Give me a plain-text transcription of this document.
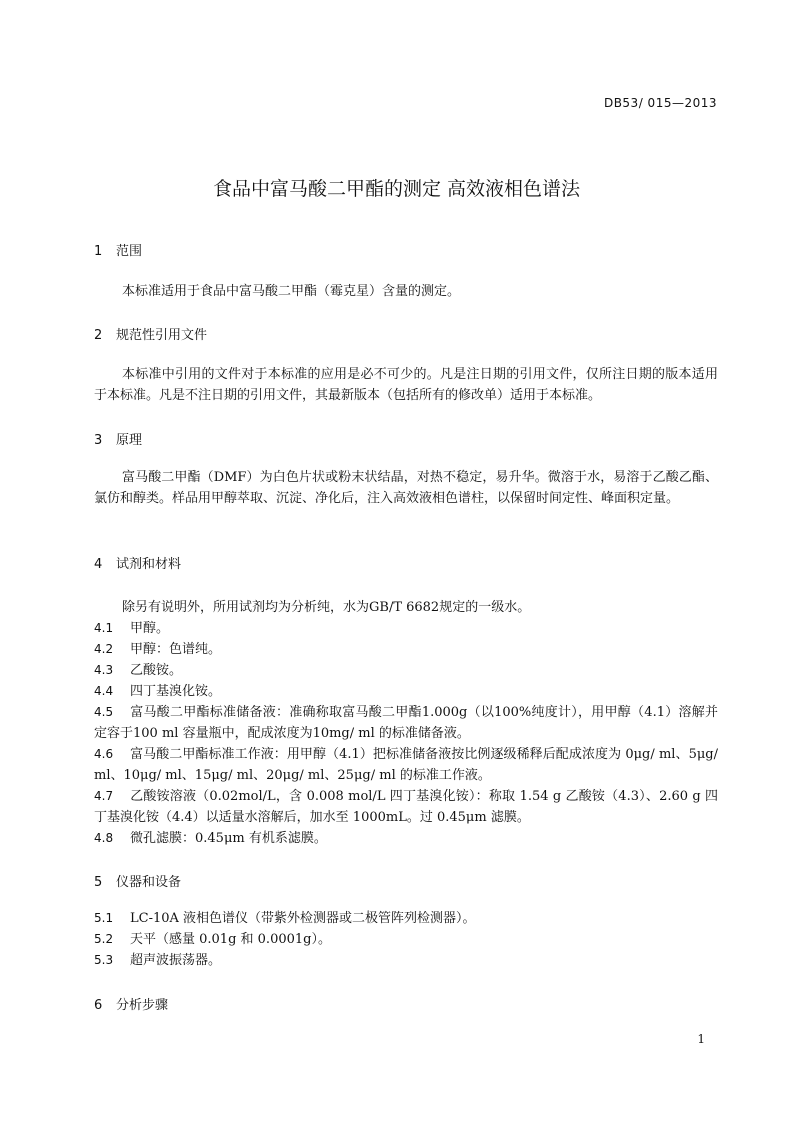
DB53/ 015—2013
食品中富马酸二甲酯的测定 高效液相色谱法
1 范围
本标准适用于食品中富马酸二甲酯（霉克星）含量的测定。
2 规范性引用文件
本标准中引用的文件对于本标准的应用是必不可少的。凡是注日期的引用文件，仅所注日期的版本适用于本标准。凡是不注日期的引用文件，其最新版本（包括所有的修改单）适用于本标准。
3 原理
富马酸二甲酯（DMF）为白色片状或粉末状结晶，对热不稳定，易升华。微溶于水，易溶于乙酸乙酯、氯仿和醇类。样品用甲醇萃取、沉淀、净化后，注入高效液相色谱柱，以保留时间定性、峰面积定量。
4 试剂和材料
除另有说明外，所用试剂均为分析纯，水为GB/T 6682规定的一级水。
4.1 甲醇。
4.2 甲醇：色谱纯。
4.3 乙酸铵。
4.4 四丁基溴化铵。
4.5 富马酸二甲酯标准储备液：准确称取富马酸二甲酯1.000g（以100%纯度计），用甲醇（4.1）溶解并定容于100 ml 容量瓶中，配成浓度为10mg/ ml 的标准储备液。
4.6 富马酸二甲酯标准工作液：用甲醇（4.1）把标准储备液按比例逐级稀释后配成浓度为 0μg/ ml、5μg/ ml、10μg/ ml、15μg/ ml、20μg/ ml、25μg/ ml 的标准工作液。
4.7 乙酸铵溶液（0.02mol/L，含 0.008 mol/L 四丁基溴化铵）：称取 1.54 g 乙酸铵（4.3）、2.60 g 四丁基溴化铵（4.4）以适量水溶解后，加水至 1000mL。过 0.45μm 滤膜。
4.8 微孔滤膜：0.45μm 有机系滤膜。
5 仪器和设备
5.1 LC-10A 液相色谱仪（带紫外检测器或二极管阵列检测器）。
5.2 天平（感量 0.01g 和 0.0001g）。
5.3 超声波振荡器。
6 分析步骤
1
